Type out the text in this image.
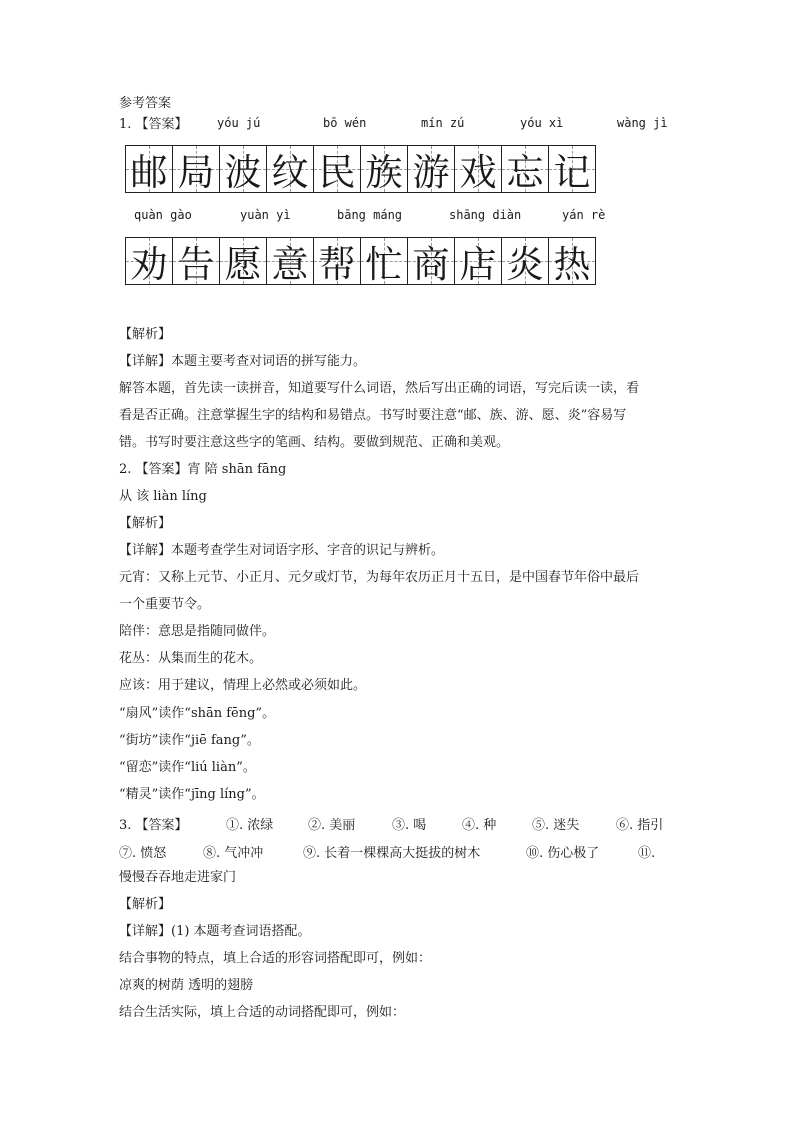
参考答案
1. 【答案】 yóu jú	bō wén	mín zú	yóu xì	wàng jì
邮 局 波 纹 民 族 游 戏 忘 记
quàn gào	yuàn yì	bāng máng	shāng diàn	yán rè
劝 告 愿 意 帮 忙 商 店 炎 热
【解析】
【详解】本题主要考查对词语的拼写能力。
解答本题，首先读一读拼音，知道要写什么词语，然后写出正确的词语，写完后读一读，看
看是否正确。注意掌握生字的结构和易错点。书写时要注意“邮、族、游、愿、炎”容易写
错。书写时要注意这些字的笔画、结构。要做到规范、正确和美观。
2. 【答案】宵 陪 shān fāng
从 该 liàn líng
【解析】
【详解】本题考查学生对词语字形、字音的识记与辨析。
元宵：又称上元节、小正月、元夕或灯节，为每年农历正月十五日，是中国春节年俗中最后
一个重要节令。
陪伴：意思是指随同做伴。
花丛：从集而生的花木。
应该：用于建议，情理上必然或必须如此。
“扇风”读作“shān fēng”。
“街坊”读作“jiē fang”。
“留恋”读作“liú liàn”。
“精灵”读作“jīng líng”。
3. 【答案】	①. 浓绿	②. 美丽	③. 喝	④. 种	⑤. 迷失	⑥. 指引
⑦. 愤怒	⑧. 气冲冲	⑨. 长着一棵棵高大挺拔的树木	⑩. 伤心极了	⑪.
慢慢吞吞地走进家门
【解析】
【详解】(1) 本题考查词语搭配。
结合事物的特点，填上合适的形容词搭配即可，例如：
凉爽的树荫 透明的翅膀
结合生活实际，填上合适的动词搭配即可，例如：
